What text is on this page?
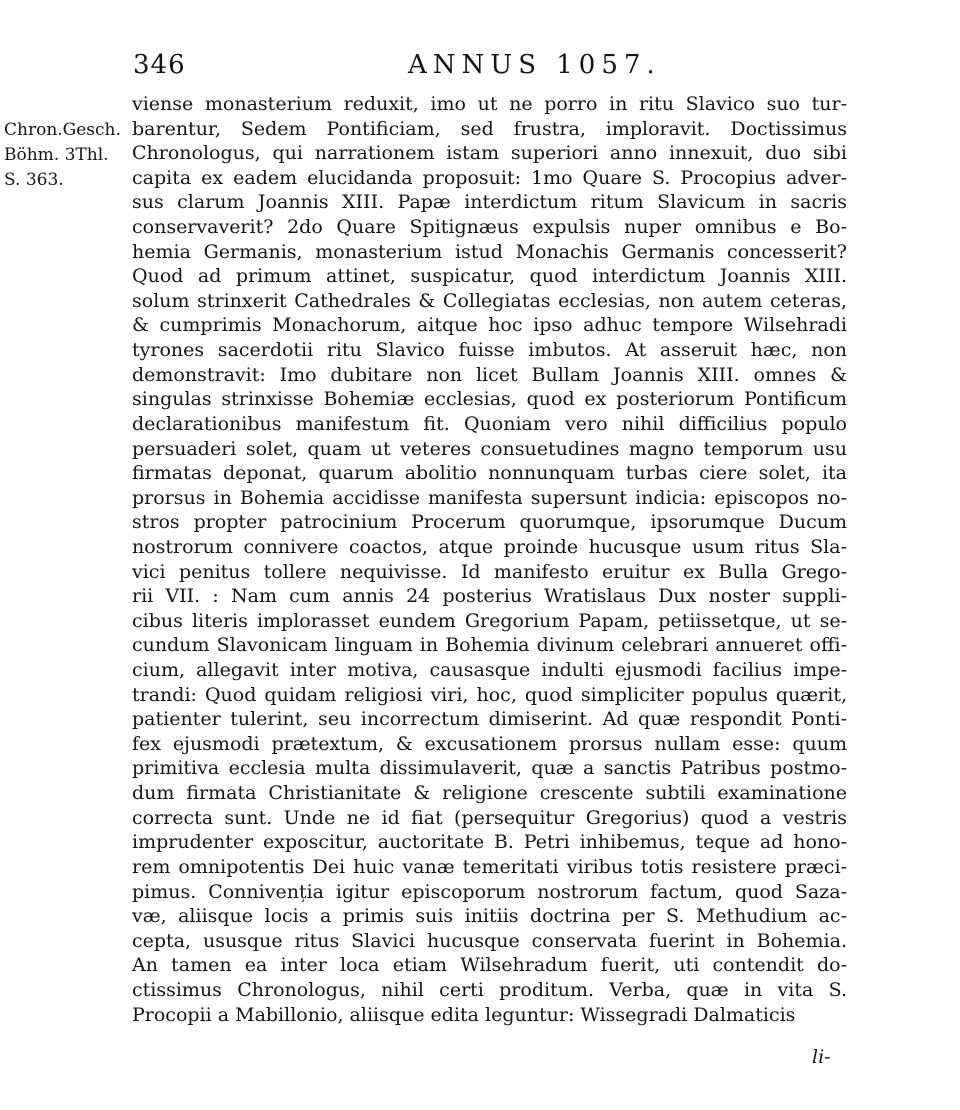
346	ANNUS 1057.
Chron.Gesch.
Böhm. 3Thl.
S. 363.
viense monasterium reduxit, imo ut ne porro in ritu Slavico suo tur-
barentur, Sedem Pontificiam, sed frustra, imploravit. Doctissimus
Chronologus, qui narrationem istam superiori anno innexuit, duo sibi
capita ex eadem elucidanda proposuit: 1mo Quare S. Procopius adver-
sus clarum Joannis XIII. Papæ interdictum ritum Slavicum in sacris
conservaverit? 2do Quare Spitignæus expulsis nuper omnibus e Bo-
hemia Germanis, monasterium istud Monachis Germanis concesserit?
Quod ad primum attinet, suspicatur, quod interdictum Joannis XIII.
solum strinxerit Cathedrales & Collegiatas ecclesias, non autem ceteras,
& cumprimis Monachorum, aitque hoc ipso adhuc tempore Wilsehradi
tyrones sacerdotii ritu Slavico fuisse imbutos. At asseruit hæc, non
demonstravit: Imo dubitare non licet Bullam Joannis XIII. omnes &
singulas strinxisse Bohemiæ ecclesias, quod ex posteriorum Pontificum
declarationibus manifestum fit. Quoniam vero nihil difficilius populo
persuaderi solet, quam ut veteres consuetudines magno temporum usu
firmatas deponat, quarum abolitio nonnunquam turbas ciere solet, ita
prorsus in Bohemia accidisse manifesta supersunt indicia: episcopos no-
stros propter patrocinium Procerum quorumque, ipsorumque Ducum
nostrorum connivere coactos, atque proinde hucusque usum ritus Sla-
vici penitus tollere nequivisse. Id manifesto eruitur ex Bulla Grego-
rii VII. : Nam cum annis 24 posterius Wratislaus Dux noster suppli-
cibus literis implorasset eundem Gregorium Papam, petiissetque, ut se-
cundum Slavonicam linguam in Bohemia divinum celebrari annueret offi-
cium, allegavit inter motiva, causasque indulti ejusmodi facilius impe-
trandi: Quod quidam religiosi viri, hoc, quod simpliciter populus quærit,
patienter tulerint, seu incorrectum dimiserint. Ad quæ respondit Ponti-
fex ejusmodi prætextum, & excusationem prorsus nullam esse: quum
primitiva ecclesia multa dissimulaverit, quæ a sanctis Patribus postmo-
dum firmata Christianitate & religione crescente subtili examinatione
correcta sunt. Unde ne id fiat (persequitur Gregorius) quod a vestris
imprudenter exposcitur, auctoritate B. Petri inhibemus, teque ad hono-
rem omnipotentis Dei huic vanæ temeritati viribus totis resistere præci-
pimus. Connivenția igitur episcoporum nostrorum factum, quod Saza-
væ, aliisque locis a primis suis initiis doctrina per S. Methudium ac-
cepta, ususque ritus Slavici hucusque conservata fuerint in Bohemia.
An tamen ea inter loca etiam Wilsehradum fuerit, uti contendit do-
ctissimus Chronologus, nihil certi proditum. Verba, quæ in vita S.
Procopii a Mabillonio, aliisque edita leguntur: Wissegradi Dalmaticis
li-
